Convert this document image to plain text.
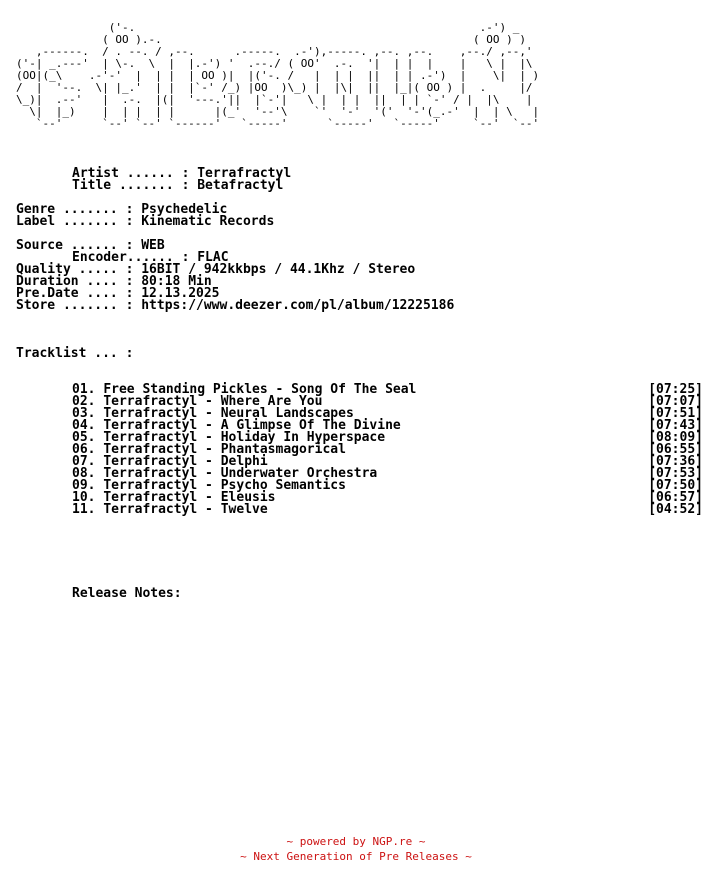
('-.                                                    .-') _
( OO ).-.                                               ( OO ) )
,------.  / . --. / ,--.      .-----.  .-'),-----. ,--. ,--.    ,--./ ,--,'
('-| _.---'  | \-.  \  |  |.-') '  .--./ ( OO'  .-.  '|  | |  |    |   \ |  |\
(OO|(_\    .-'-'  |  | |  | OO )|  |('-. /   |  | |  ||  | | .-')  |    \|  | )
/  |  '--.  \| |_.'  | |  |`-' /_) |OO  )\_) |  |\|  ||  |_|( OO ) |  .     |/
\_)|  .--'   |  .-.  |(|  '---.'||  |`-'|   \ |  | |  ||  | | `-' / |  |\    |
\|  |_)    |  | |  | |      |(_'  '--'\    `'  '-'  '('  '-'(_.-'  |  | \   |
`--'      `--' `--' `------'   `-----'      `-----'   `-----'     `--'  `--'
Artist ...... : Terrafractyl
Title ....... : Betafractyl
Genre ....... : Psychedelic
Label ....... : Kinematic Records
Source ...... : WEB
Encoder...... : FLAC
Quality ..... : 16BIT / 942kkbps / 44.1Khz / Stereo
Duration .... : 80:18 Min
Pre.Date .... : 12.13.2025
Store ....... : https://www.deezer.com/pl/album/12225186
Tracklist ... :
01. Free Standing Pickles - Song Of The Seal	[07:25]
02. Terrafractyl - Where Are You	[07:07]
03. Terrafractyl - Neural Landscapes	[07:51]
04. Terrafractyl - A Glimpse Of The Divine	[07:43]
05. Terrafractyl - Holiday In Hyperspace	[08:09]
06. Terrafractyl - Phantasmagorical	[06:55]
07. Terrafractyl - Delphi	[07:36]
08. Terrafractyl - Underwater Orchestra	[07:53]
09. Terrafractyl - Psycho Semantics	[07:50]
10. Terrafractyl - Eleusis	[06:57]
11. Terrafractyl - Twelve	[04:52]
Release Notes:
~ powered by NGP.re ~
~ Next Generation of Pre Releases ~
